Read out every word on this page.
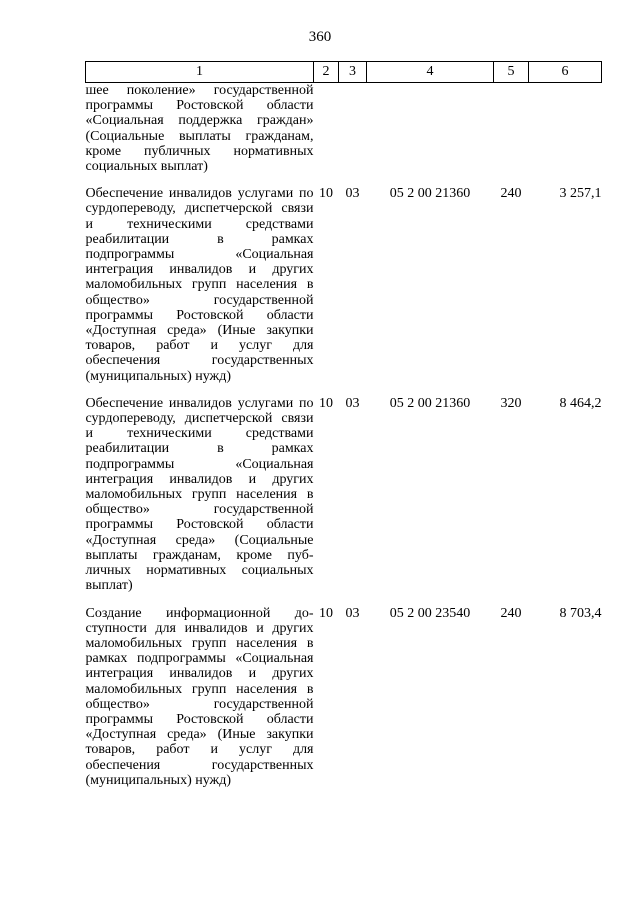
360
1	2	3	4	5	6
шее поколение» государственной программы Ростовской области «Социальная поддержка граждан» (Социальные выплаты гражданам, кроме публичных нормативных социальных выплат)					

Обеспечение инвалидов услугами по сурдопереводу, диспетчерской связи и техническими средствами реабилитации в рамках подпрограммы «Социальная интеграция инвалидов и других маломобильных групп населения в общество» государственной программы Ростовской области «Доступная среда» (Иные закупки товаров, работ и услуг для обеспечения государственных (муниципальных) нужд)	10	03	05 2 00 21360	240	3 257,1

Обеспечение инвалидов услугами по сурдопереводу, диспетчерской связи и техническими средствами реабилитации в рамках подпрограммы «Социальная интеграция инвалидов и других маломобильных групп населения в общество» государственной программы Ростовской области «Доступная среда» (Социальные выплаты гражданам, кроме публичных нормативных социальных выплат)	10	03	05 2 00 21360	320	8 464,2

Создание информационной доступности для инвалидов и других маломобильных групп населения в рамках подпрограммы «Социальная интеграция инвалидов и других маломобильных групп населения в общество» государственной программы Ростовской области «Доступная среда» (Иные закупки товаров, работ и услуг для обеспечения государственных (муниципальных) нужд)	10	03	05 2 00 23540	240	8 703,4
